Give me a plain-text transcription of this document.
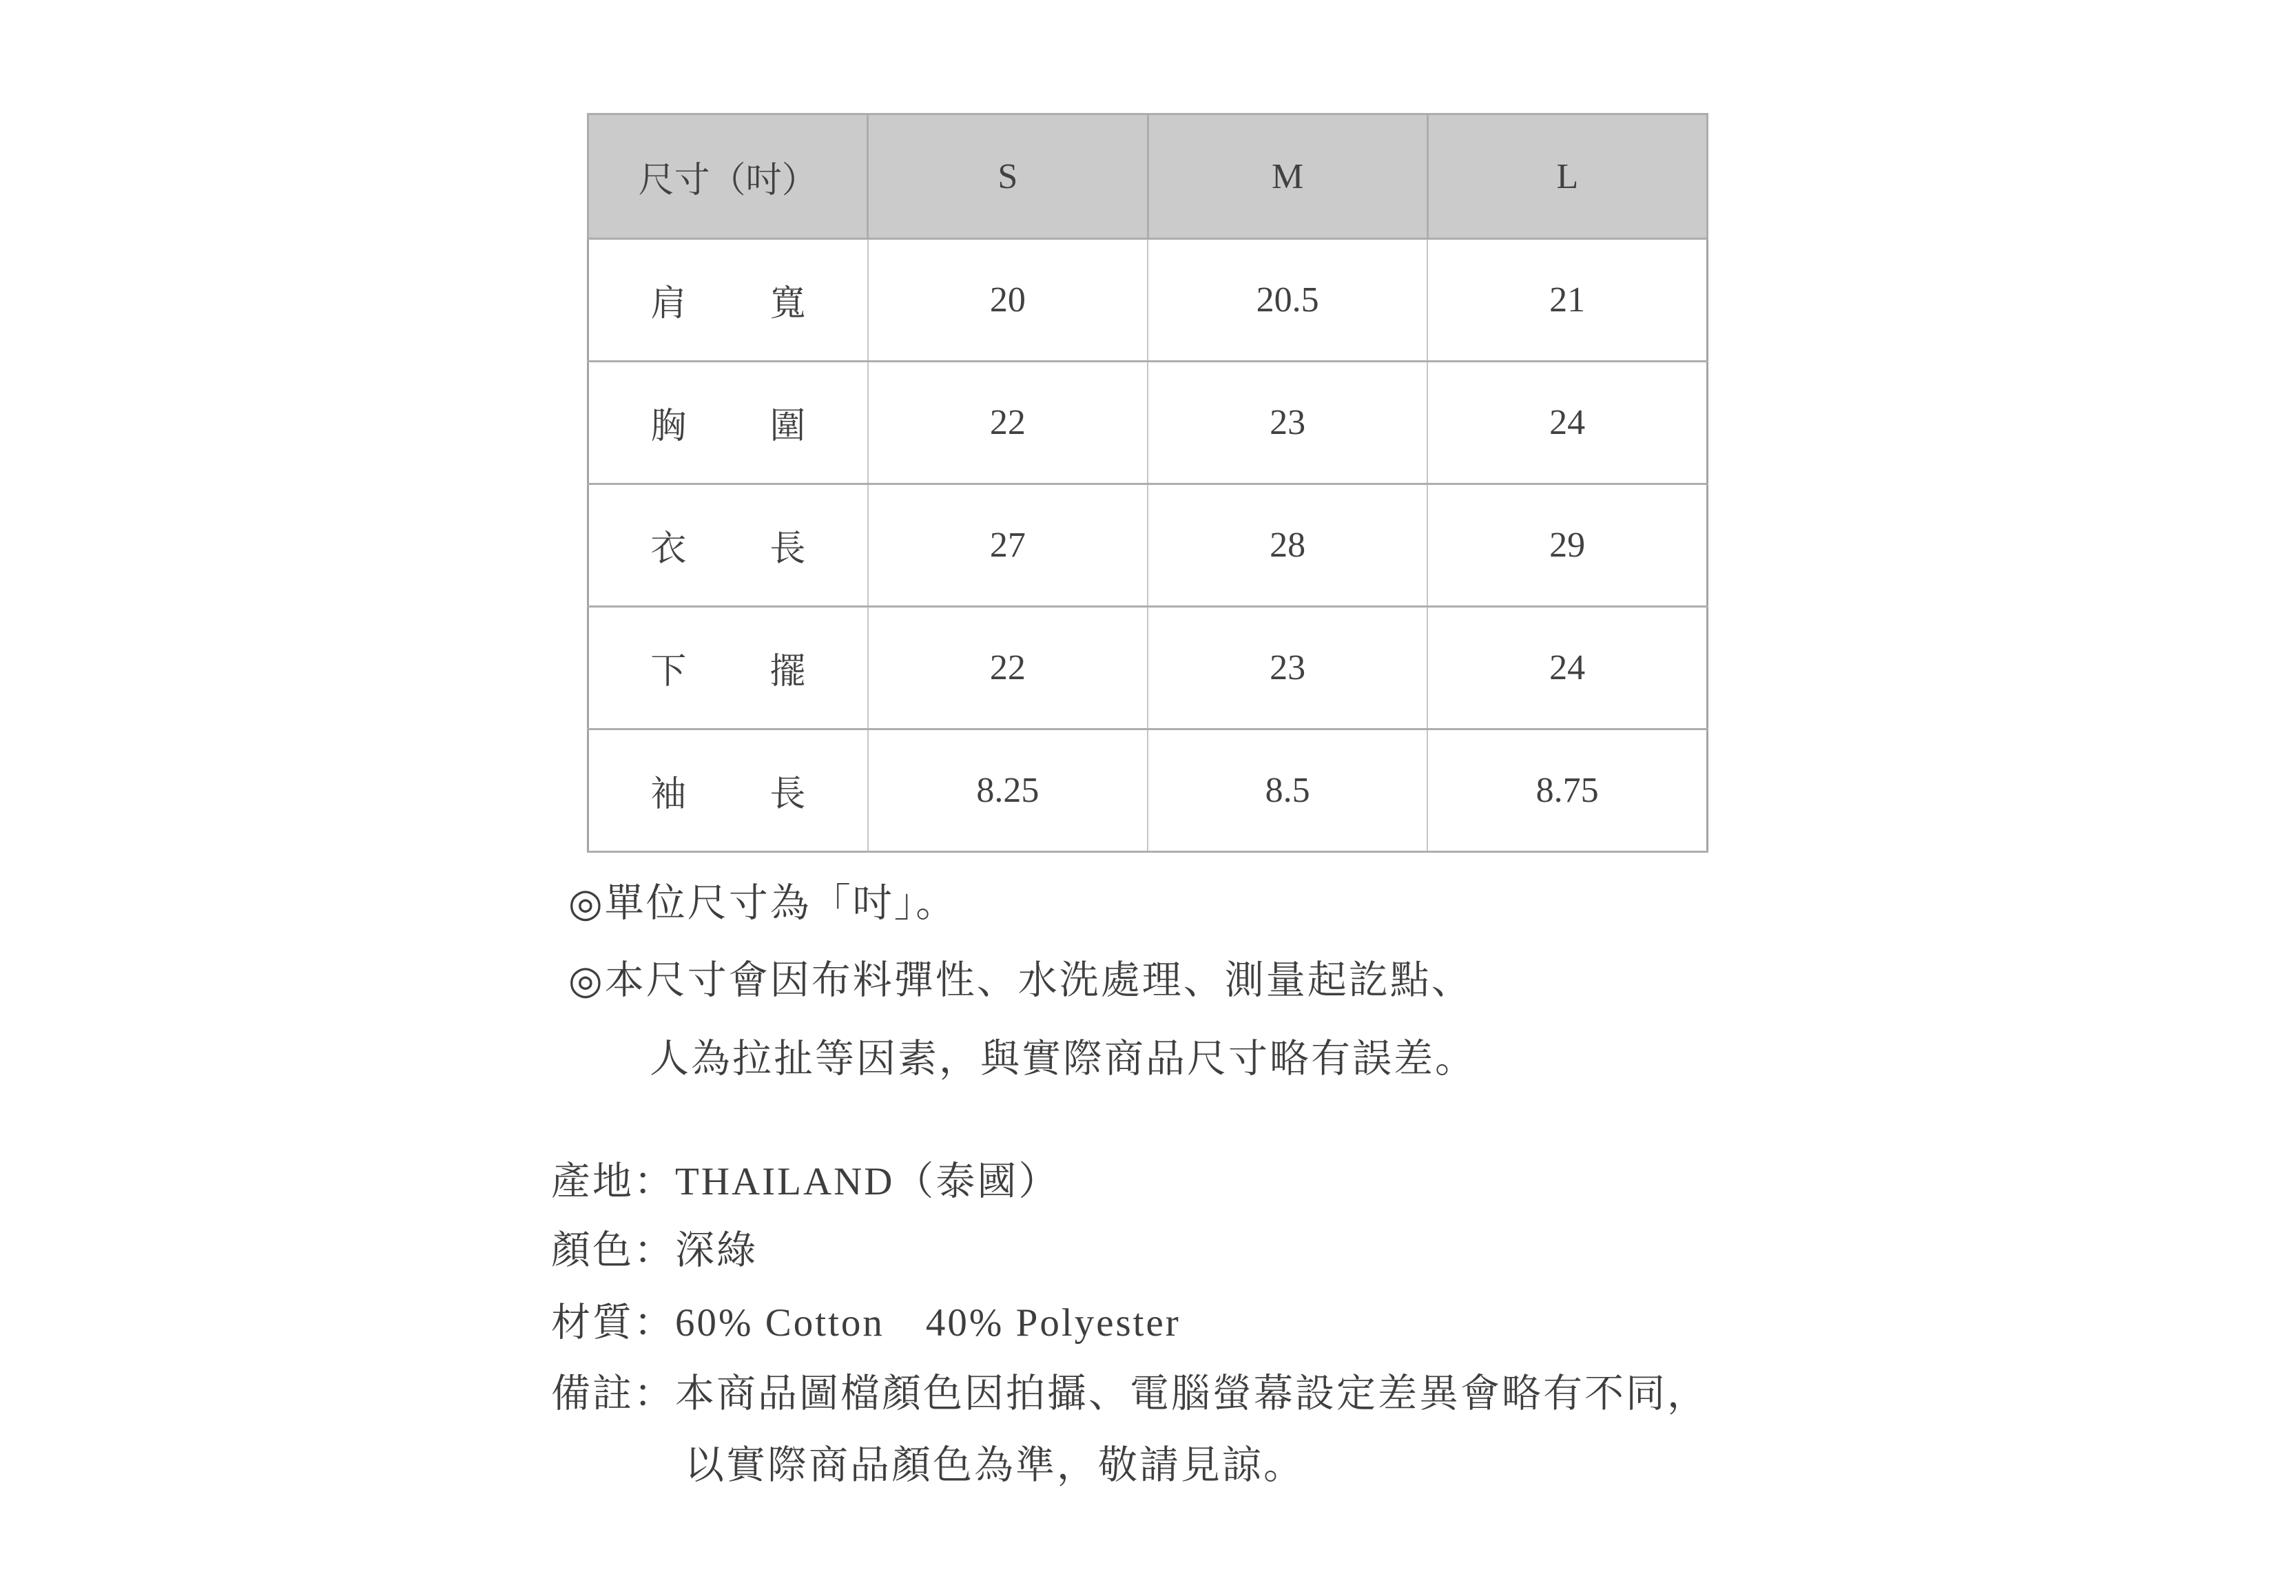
尺寸（吋）	S	M	L

肩 寬	20	20.5	21

胸 圍	22	23	24

衣 長	27	28	29

下 擺	22	23	24

袖 長	8.25	8.5	8.75
◎單位尺寸為「吋」。
◎本尺寸會因布料彈性、水洗處理、測量起訖點、
人為拉扯等因素，與實際商品尺寸略有誤差。
產地：THAILAND（泰國）
顏色：深綠
材質：60% Cotton　40% Polyester
備註：本商品圖檔顏色因拍攝、電腦螢幕設定差異會略有不同，
以實際商品顏色為準，敬請見諒。
